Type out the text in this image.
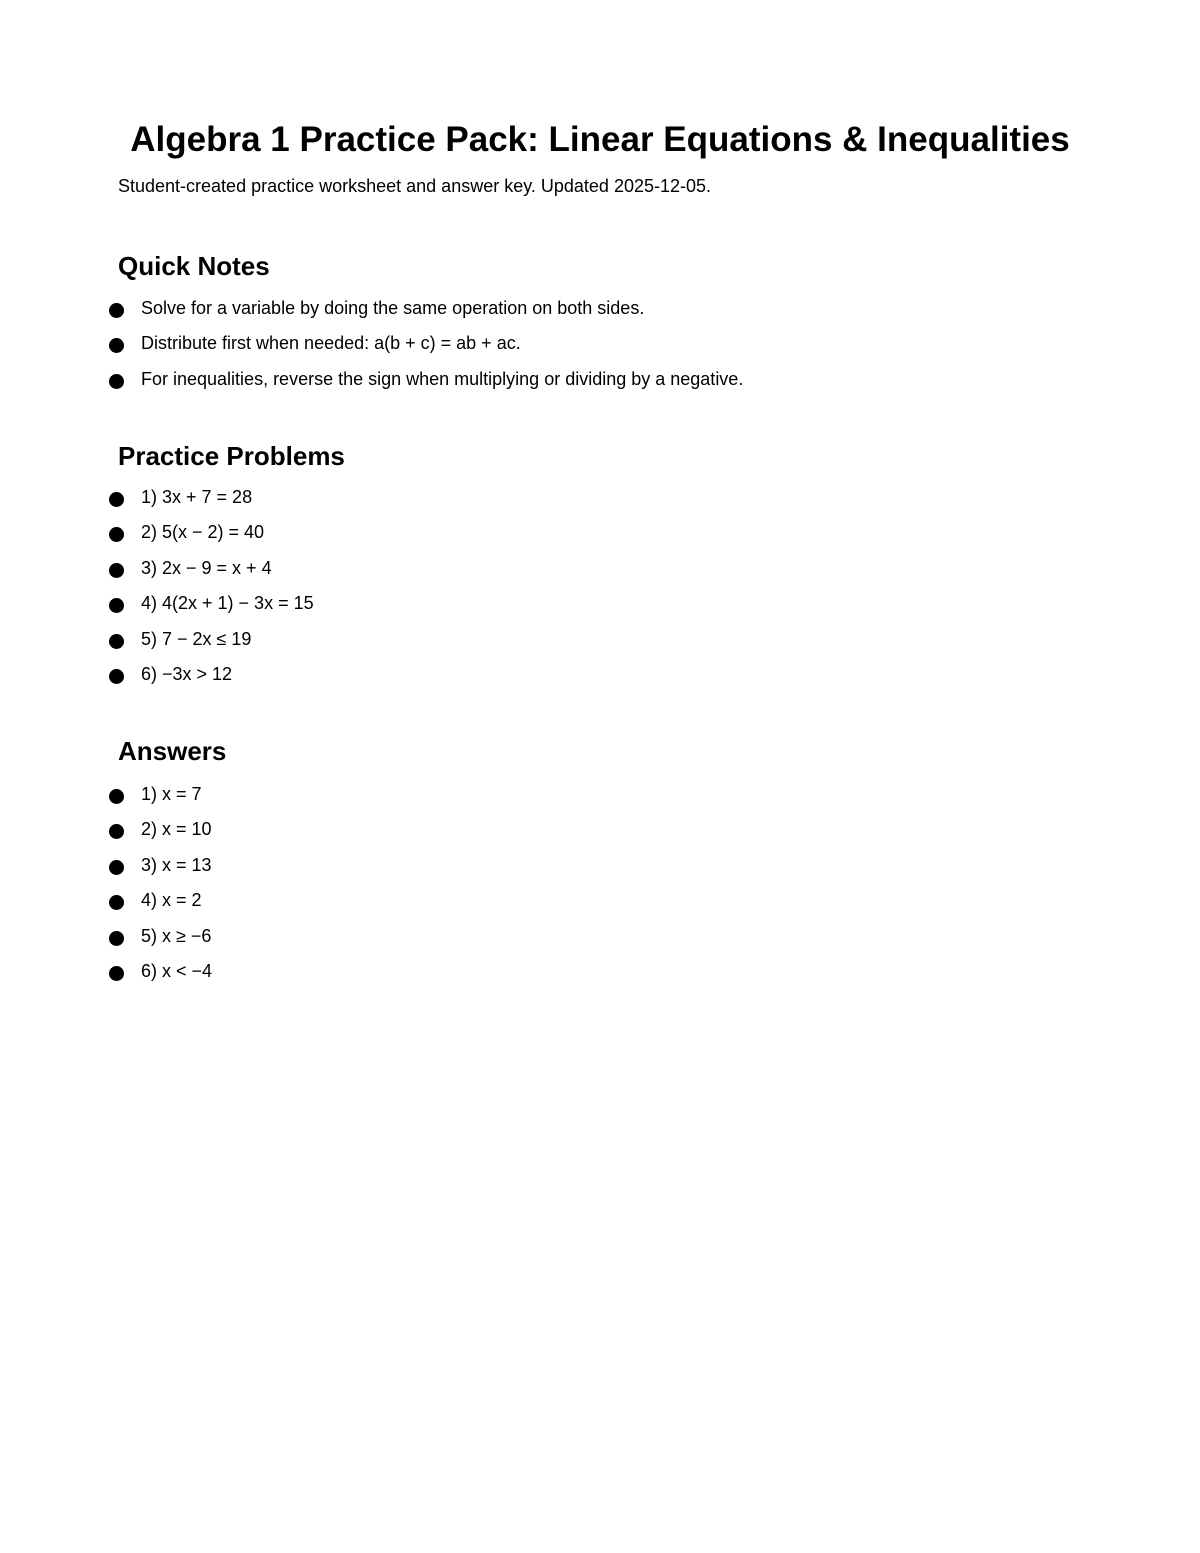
Algebra 1 Practice Pack: Linear Equations & Inequalities

Student-created practice worksheet and answer key. Updated 2025-12-05.

Quick Notes
Solve for a variable by doing the same operation on both sides.
Distribute first when needed: a(b + c) = ab + ac.
For inequalities, reverse the sign when multiplying or dividing by a negative.
Practice Problems
1) 3x + 7 = 28
2) 5(x − 2) = 40
3) 2x − 9 = x + 4
4) 4(2x + 1) − 3x = 15
5) 7 − 2x ≤ 19
6) −3x > 12
Answers
1) x = 7
2) x = 10
3) x = 13
4) x = 2
5) x ≥ −6
6) x < −4
